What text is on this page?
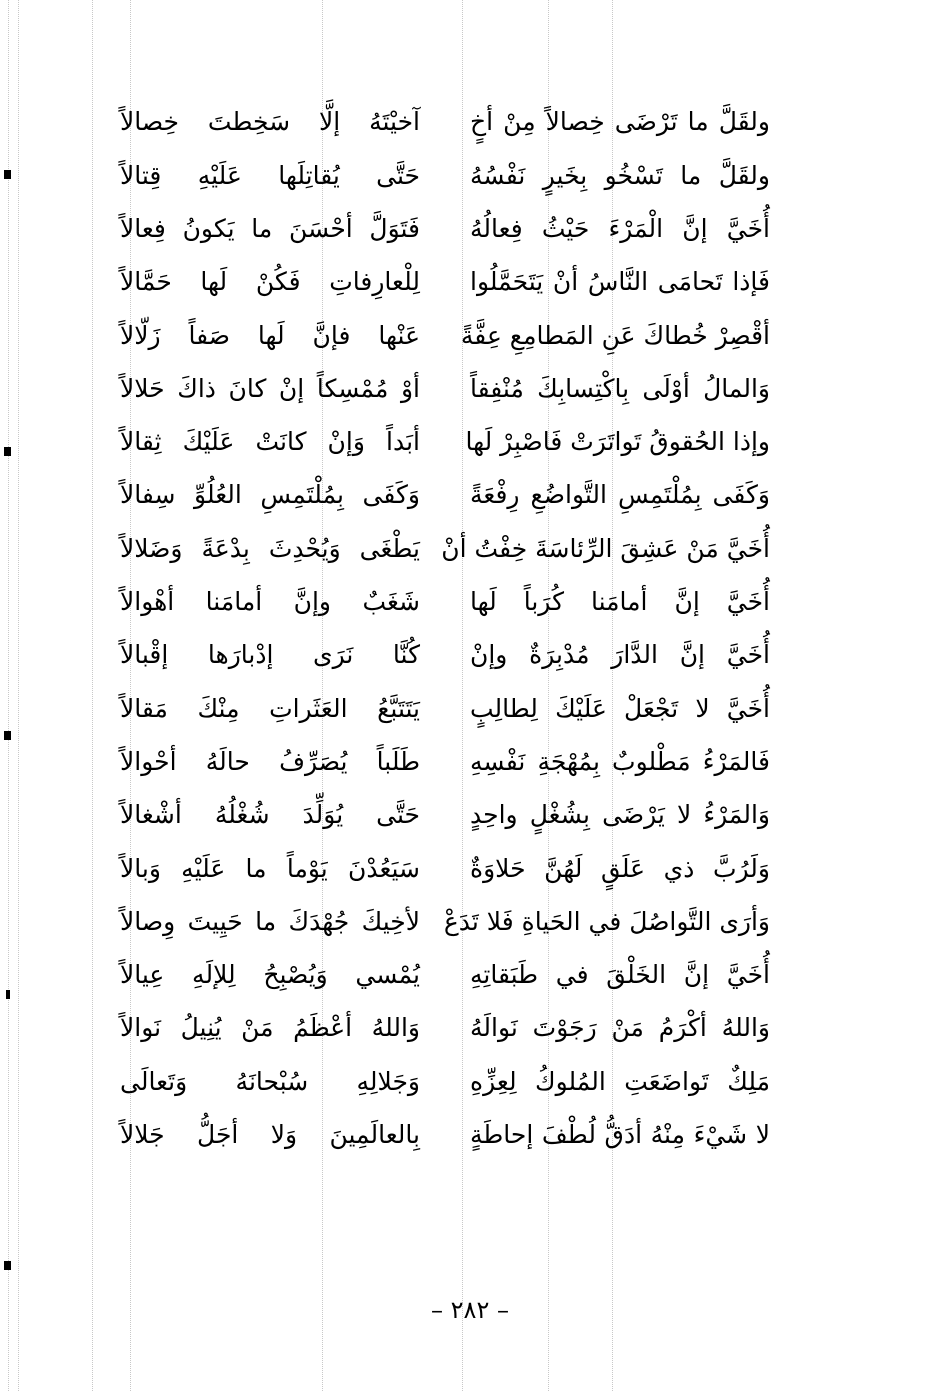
ولقَلَّ ما تَرْضَى خِصالاً مِنْ أخٍ
آخيْتَهُ إلَّا سَخِطتَ خِصالاً
ولقَلَّ ما تَسْخُو بِخَيرٍ نَفْسُهُ
حَتَّى يُقاتِلَها عَلَيْهِ قِتالاً
أُخَيَّ إنَّ الْمَرْءَ حَيْثُ فِعالُهُ
فَتَوَلَّ أحْسَنَ ما يَكونُ فِعالاً
فَإذا تَحامَى النَّاسُ أنْ يَتَحَمَّلُوا
لِلْعارِفاتِ فَكُنْ لَها حَمَّالاً
أقْصِرْ خُطاكَ عَنِ المَطامِعِ عِفَّةً
عَنْها فإنَّ لَها صَفاً زَلّالاً
وَالمالُ أوْلَى بِاكْتِسابِكَ مُنْفِقاً
أوْ مُمْسِكاً إنْ كانَ ذاكَ حَلالاً
وإذا الحُقوقُ تَواتَرَتْ فَاصْبِرْ لَها
أبَداً وَإنْ كانَتْ عَلَيْكَ ثِقالاً
وَكَفَى بِمُلْتَمِسِ التَّواضُعِ رِفْعَةً
وَكَفَى بِمُلْتَمِسِ العُلُوِّ سِفالاً
أُخَيَّ مَنْ عَشِقَ الرِّئاسَةَ خِفْتُ أنْ
يَطْغَى وَيُحْدِثَ بِدْعَةً وَضَلالاً
أُخَيَّ إنَّ أمامَنا كُرَباً لَها
شَغَبٌ وإنَّ أمامَنا أهْوالاً
أُخَيَّ إنَّ الدَّارَ مُدْبِرَةٌ وإنْ
كُنَّا نَرَى إدْبارَها إقْبالاً
أُخَيَّ لا تَجْعَلْ عَلَيْكَ لِطالِبٍ
يَتَتَبَّعُ العَثَراتِ مِنْكَ مَقالاً
فَالمَرْءُ مَطْلوبٌ بِمُهْجَةِ نَفْسِهِ
طَلَباً يُصَرِّفُ حالَهُ أحْوالاً
وَالمَرْءُ لا يَرْضَى بِشُغْلٍ واحِدٍ
حَتَّى يُوَلِّدَ شُغْلُهُ أشْغالاً
وَلَرُبَّ ذي عَلَقٍ لَهُنَّ حَلاوَةٌ
سَيَعُدْنَ يَوْماً ما عَلَيْهِ وَبالاً
وَأرَى التَّواصُلَ في الحَياةِ فَلا تَدَعْ
لأخِيكَ جُهْدَكَ ما حَيِيتَ وِصالاً
أُخَيَّ إنَّ الخَلْقَ في طَبَقاتِهِ
يُمْسي وَيُصْبِحُ لِلإلَهِ عِيالاً
وَاللهُ أكْرَمُ مَنْ رَجَوْتَ نَوالَهُ
وَاللهُ أعْظَمُ مَنْ يُنِيلُ نَوالاً
مَلِكٌ تَواضَعَتِ المُلوكُ لِعِزِّهِ
وَجَلالِهِ سُبْحانَهُ وَتَعالَى
لا شَيْءَ مِنْهُ أدَقُّ لُطْفَ إحاطَةٍ
بِالعالَمِينَ وَلا أجَلُّ جَلالاً
– ٢٨٢ –
